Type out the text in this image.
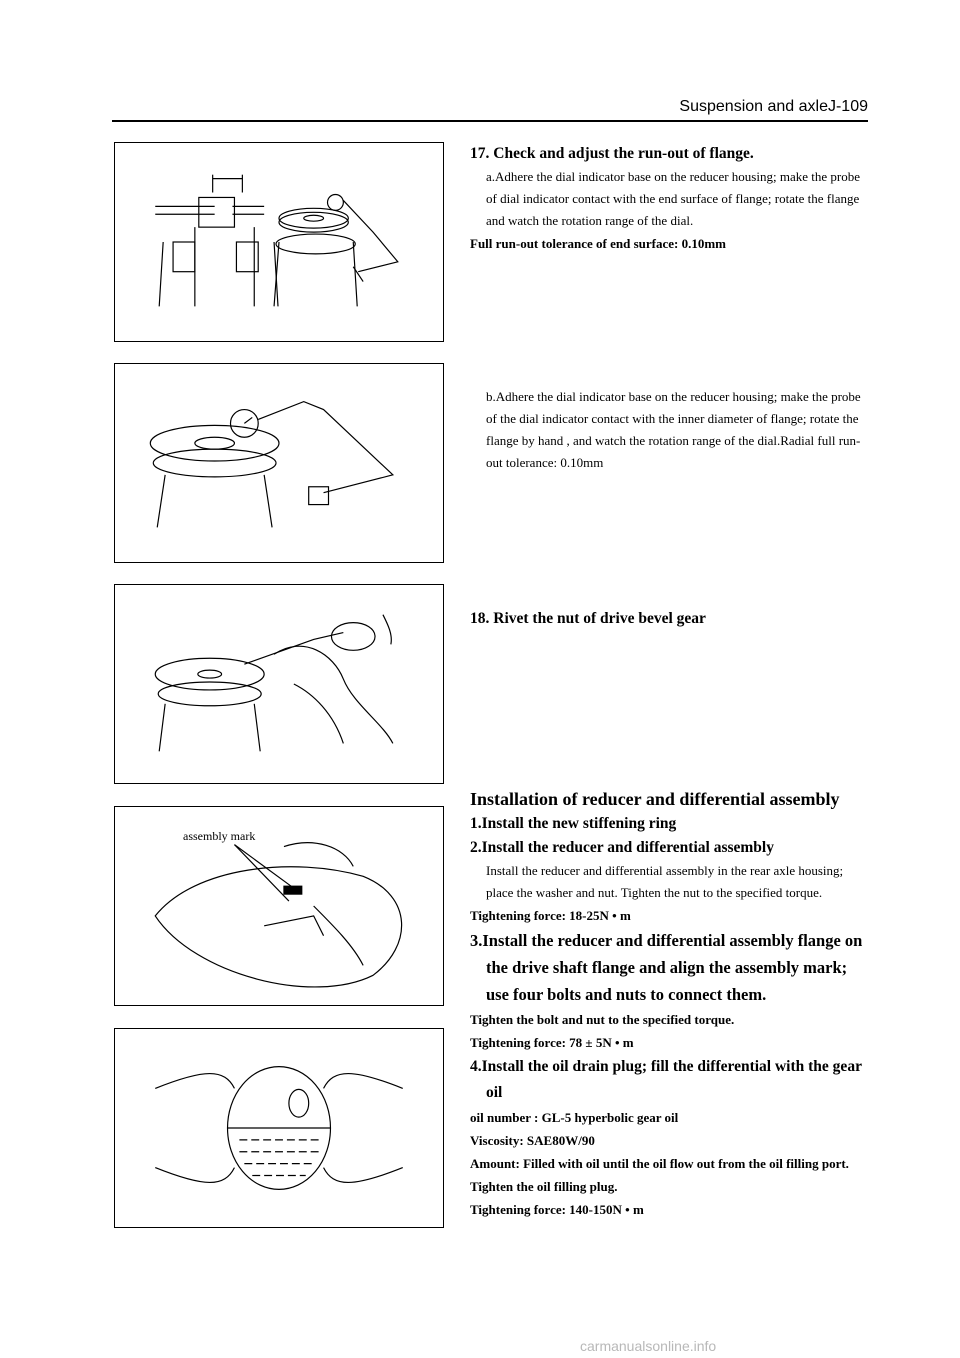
Suspension and axleJ-109
assembly mark
17. Check and adjust the run-out of flange.
a.Adhere the dial indicator base on the reducer housing; make the probe of dial indicator contact with the end surface of flange; rotate the flange and watch the rotation range of the dial.
Full run-out tolerance of end surface: 0.10mm
b.Adhere the dial indicator base on the reducer housing; make the probe of the dial indicator contact with the inner diameter of flange; rotate the flange by hand , and watch the rotation range of the dial.Radial full run-out tolerance: 0.10mm
18. Rivet the nut of drive bevel gear
Installation of reducer and differential assembly
1.Install the new stiffening ring
2.Install the reducer and differential assembly
Install the reducer and differential assembly in the rear axle housing; place the washer and nut. Tighten the nut to the specified torque.
Tightening force: 18-25N • m
3.Install the reducer and differential assembly flange on the drive shaft flange and align the assembly mark; use four bolts and nuts to connect them.
Tighten the bolt and nut to the specified torque.
Tightening force: 78 ± 5N • m
4.Install the oil drain plug; fill the differential with the gear oil
oil number : GL-5 hyperbolic gear oil
Viscosity: SAE80W/90
Amount: Filled with oil until the oil flow out from the oil filling port.
Tighten the oil filling plug.
Tightening force: 140-150N • m
carmanualsonline.info
